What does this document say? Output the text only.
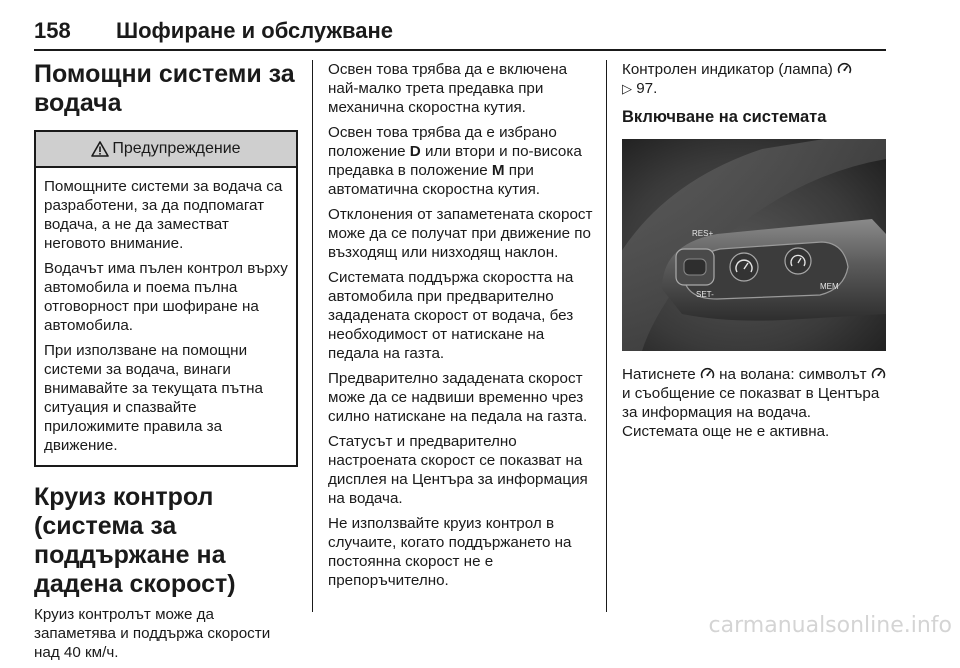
158 Шофиране и обслужване
Помощни системи за водача
Предупреждение

Помощните системи за водача са разработени, за да подпомагат водача, а не да заместват неговото внимание.

Водачът има пълен контрол върху автомобила и поема пълна отговорност при шофиране на автомобила.

При използване на помощни системи за водача, винаги внимавайте за текущата пътна ситуация и спазвайте приложимите правила за движение.

Круиз контрол (система за поддържане на дадена скорост)

Круиз контролът може да запаметява и поддържа скорости над 40 км/ч.

Освен това трябва да е включена най-малко трета предавка при механична скоростна кутия.

Освен това трябва да е избрано положение D или втори и по-висока предавка в положение M при автоматична скоростна кутия.

Отклонения от запаметената скорост може да се получат при движение по възходящ или низходящ наклон.

Системата поддържа скоростта на автомобила при предварително зададената скорост от водача, без необходимост от натискане на педала на газта.

Предварително зададената скорост може да се надвиши временно чрез силно натискане на педала на газта.

Статусът и предварително настроената скорост се показват на дисплея на Центъра за информация на водача.

Не използвайте круиз контрол в случаите, когато поддържането на постоянна скорост не е препоръчително.

Контролен индикатор (лампа)
▷ 97.

Включване на системата
RES+
SET-
MEM

Натиснете на волана: символът  и съобщение се показват в Центъра за информация на водача. Системата още не е активна.

carmanualsonline.info
